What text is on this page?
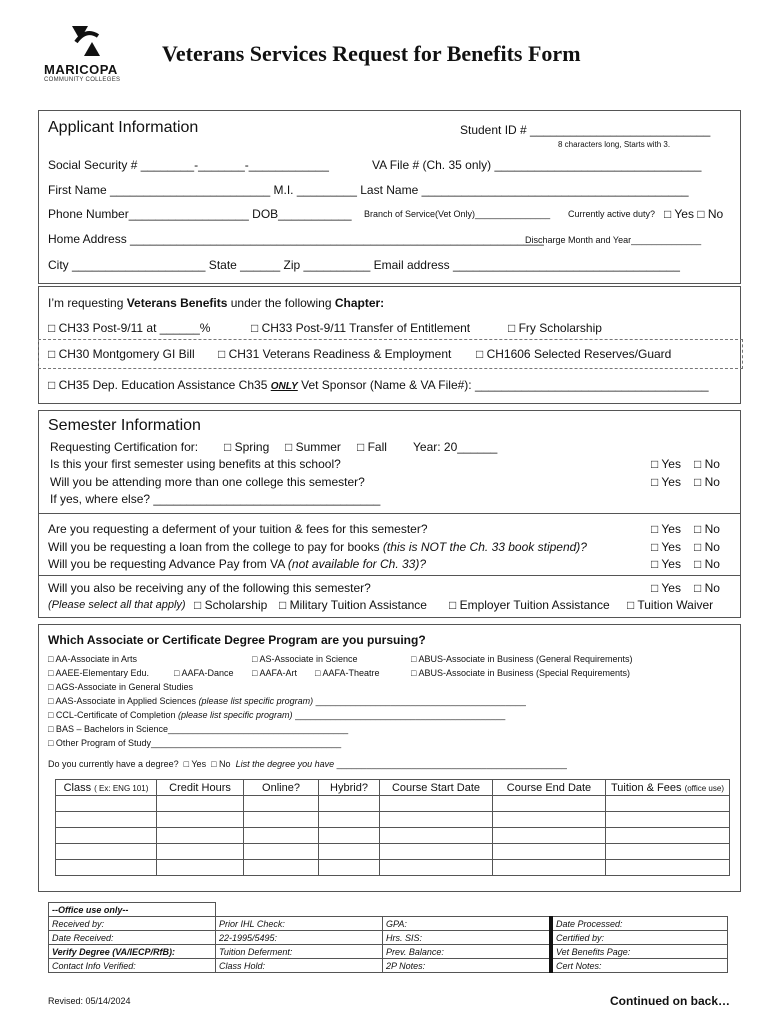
MARICOPA
COMMUNITY COLLEGES
Veterans Services Request for Benefits Form
Applicant Information	Student ID # ___________________________
8 characters long, Starts with 3.
Social Security # ________-_______-____________	VA File # (Ch. 35 only) _______________________________
First Name ________________________ M.I. _________ Last Name ________________________________________
Phone Number__________________ DOB___________ Branch of Service(Vet Only)_______________ Currently active duty? □ Yes □ No
Home Address ______________________________________________________________
Discharge Month and Year______________
City ____________________ State ______ Zip __________ Email address __________________________________
I’m requesting Veterans Benefits under the following Chapter:
□ CH33 Post-9/11 at ______%	□ CH33 Post-9/11 Transfer of Entitlement	□ Fry Scholarship
□ CH30 Montgomery GI Bill □ CH31 Veterans Readiness & Employment □ CH1606 Selected Reserves/Guard
□ CH35 Dep. Education Assistance Ch35 ONLY Vet Sponsor (Name & VA File#): ___________________________________
Semester Information
Requesting Certification for: □ Spring □ Summer □ Fall Year: 20______
Is this your first semester using benefits at this school?	□ Yes □ No
Will you be attending more than one college this semester?	□ Yes □ No
If yes, where else? __________________________________
Are you requesting a deferment of your tuition & fees for this semester?	□ Yes □ No
Will you be requesting a loan from the college to pay for books (this is NOT the Ch. 33 book stipend)?	□ Yes □ No
Will you be requesting Advance Pay from VA (not available for Ch. 33)?	□ Yes □ No
Will you also be receiving any of the following this semester?	□ Yes □ No
(Please select all that apply) □ Scholarship □ Military Tuition Assistance □ Employer Tuition Assistance □ Tuition Waiver
Which Associate or Certificate Degree Program are you pursuing?
□ AA-Associate in Arts	□ AS-Associate in Science	□ ABUS-Associate in Business (General Requirements)
□ AAEE-Elementary Edu.	□ AAFA-Dance □ AAFA-Art □ AAFA-Theatre	□ ABUS-Associate in Business (Special Requirements)
□ AGS-Associate in General Studies
□ AAS-Associate in Applied Sciences (please list specific program) __________________________________________
□ CCL-Certificate of Completion (please list specific program) __________________________________________
□ BAS – Bachelors in Science____________________________________
□ Other Program of Study______________________________________
Do you currently have a degree? □ Yes □ No List the degree you have ______________________________________________
Class ( Ex: ENG 101)	Credit Hours	Online?	Hybrid?	Course Start Date	Course End Date	Tuition & Fees (office use)

--Office use only--			
Received by:	Prior IHL Check:	GPA:	Date Processed:
Date Received:	22-1995/5495:	Hrs. SIS:	Certified by:
Verify Degree (VA/IECP/RfB):	Tuition Deferment:	Prev. Balance:	Vet Benefits Page:
Contact Info Verified:	Class Hold:	2P Notes:	Cert Notes:
Revised: 05/14/2024	Continued on back…
